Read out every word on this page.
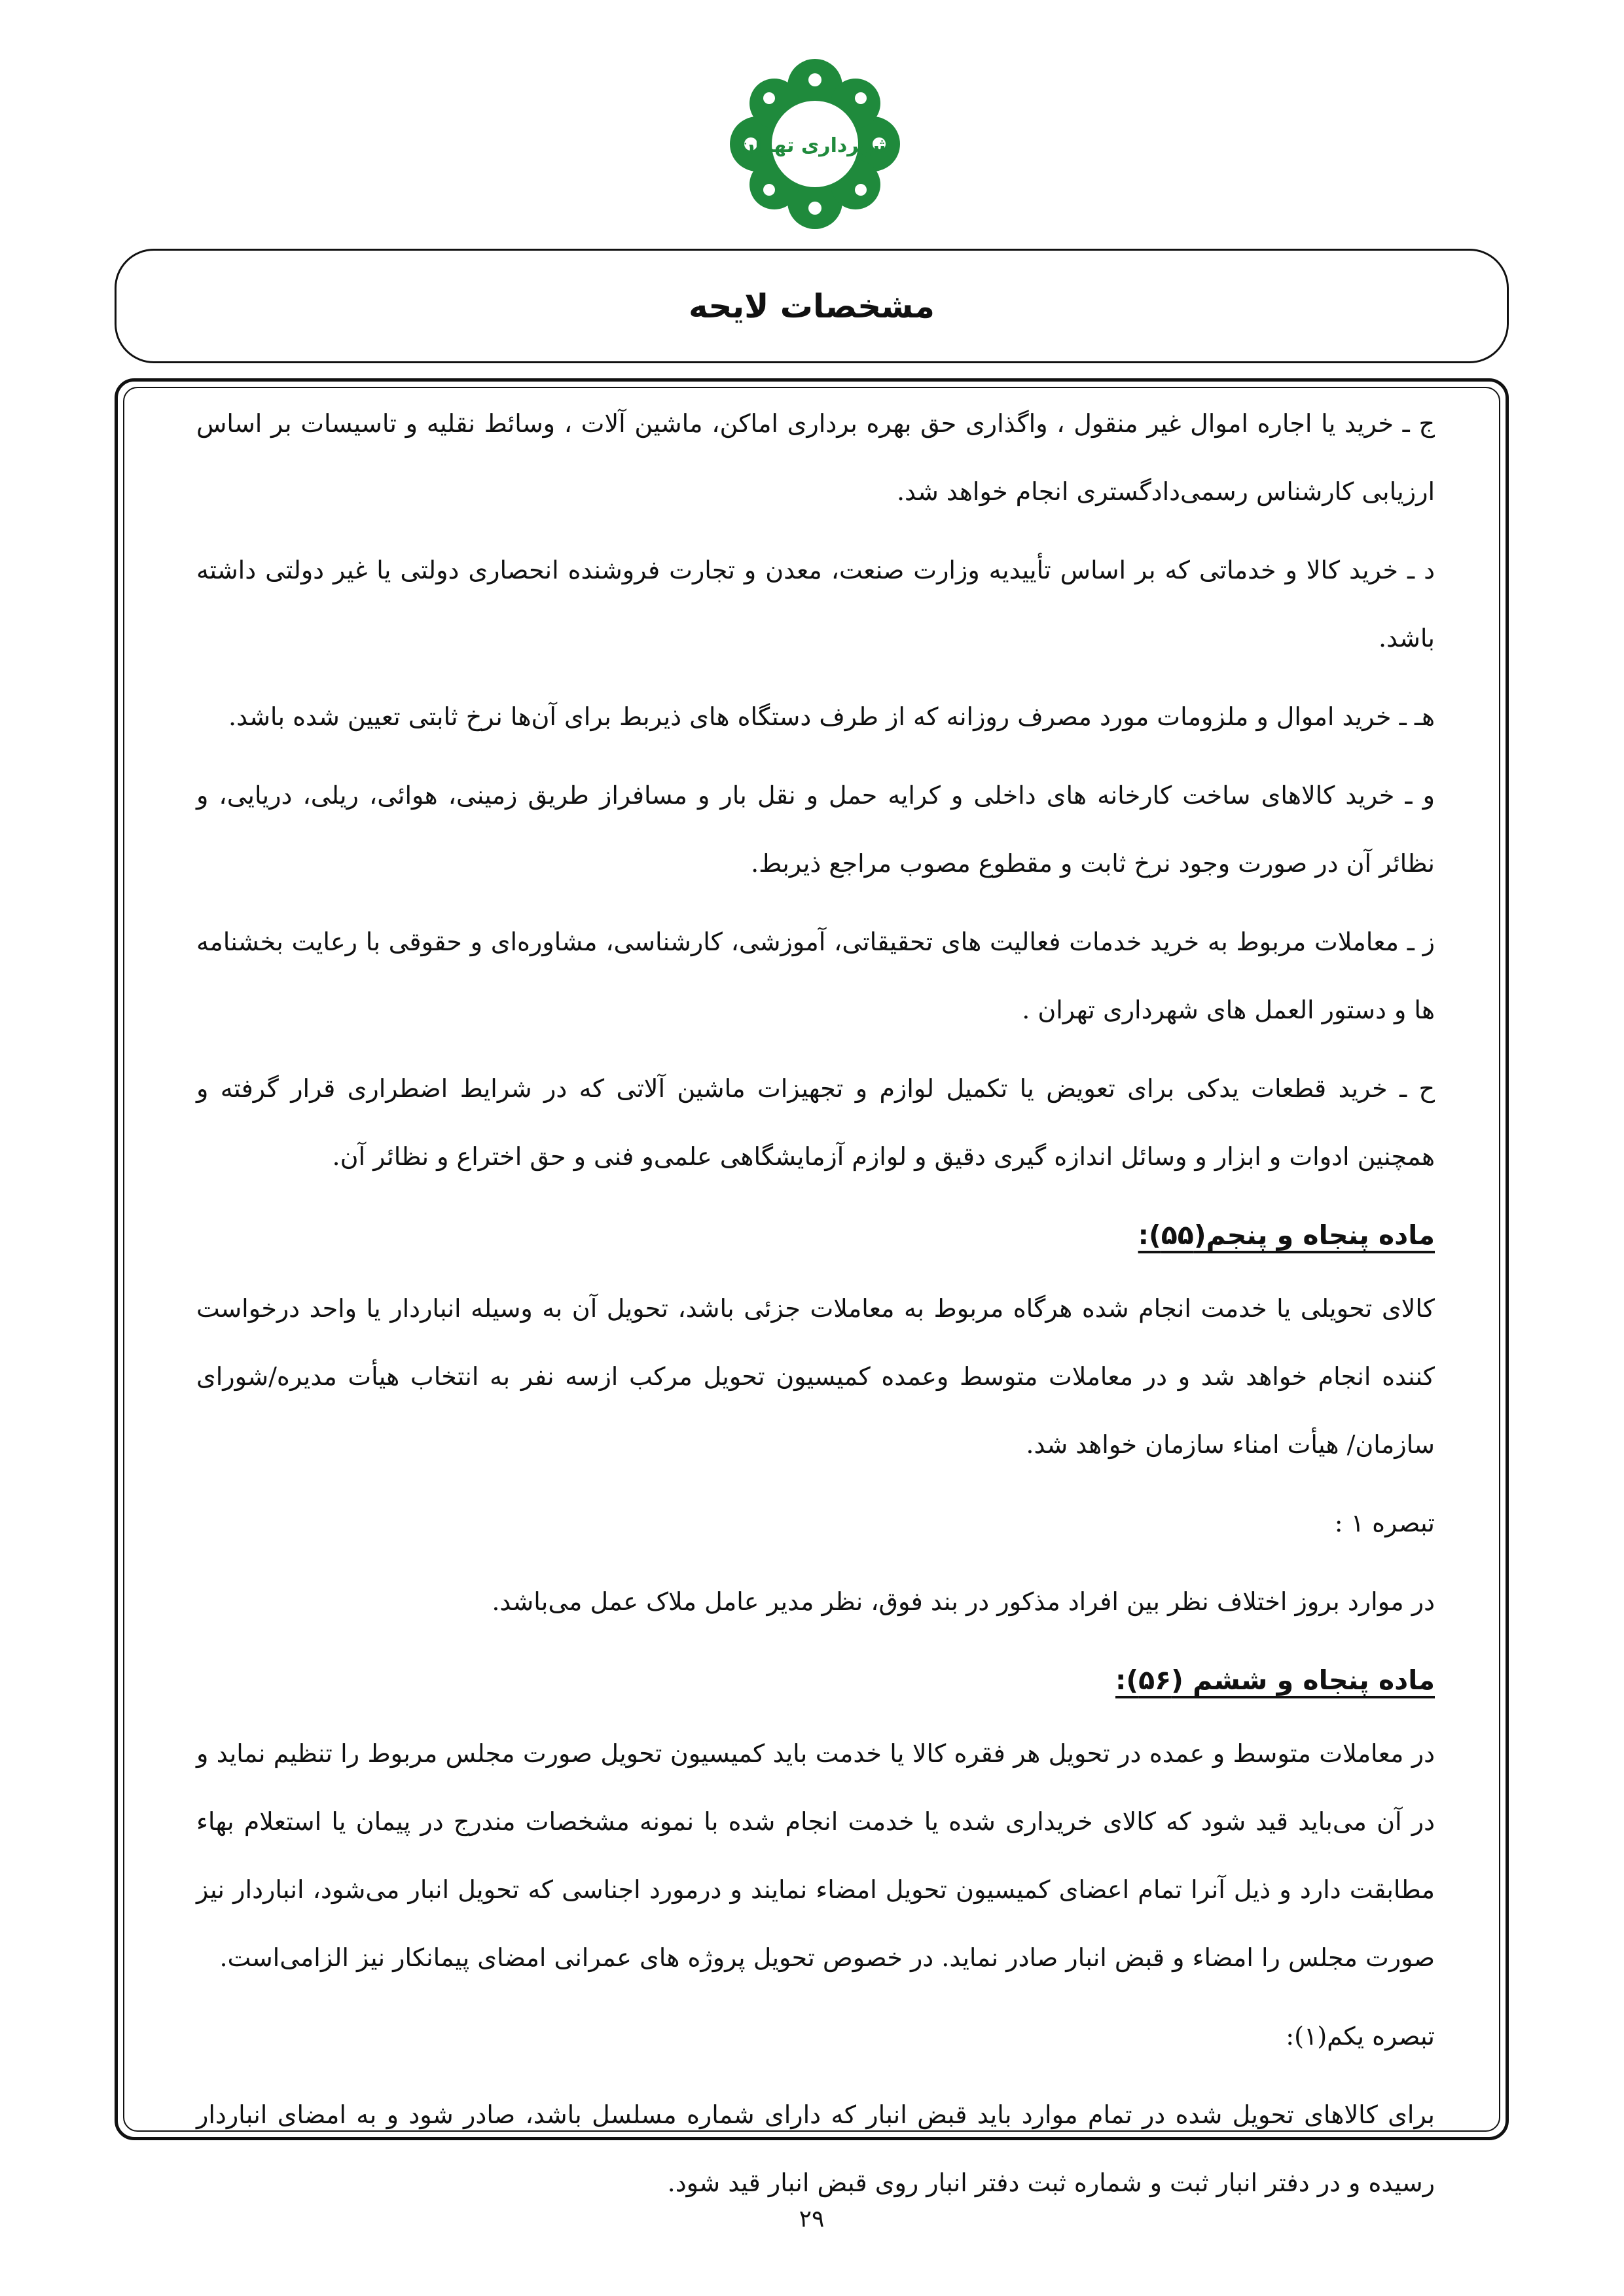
شهرداری تهران
مشخصات لایحه

ج ـ خرید یا اجاره اموال غیر منقول ، واگذاری حق بهره برداری اماکن، ماشین آلات ، وسائط نقلیه و تاسیسات بر اساس ارزیابی کارشناس رسمی‌دادگستری انجام خواهد شد.

د ـ خرید کالا و خدماتی که بر اساس تأییدیه وزارت صنعت، معدن و تجارت فروشنده انحصاری دولتی یا غیر دولتی داشته باشد.

هـ ـ خرید اموال و ملزومات مورد مصرف روزانه که از طرف دستگاه های ذیربط برای آن‌ها نرخ ثابتی تعیین شده باشد.

و ـ خرید کالاهای ساخت کارخانه های داخلی و کرایه حمل و نقل بار و مسافراز طریق زمینی، هوائی، ریلی، دریایی، و نظائر آن در صورت وجود نرخ ثابت و مقطوع مصوب مراجع ذیربط.

ز ـ معاملات مربوط به خرید خدمات فعالیت های تحقیقاتی، آموزشی، کارشناسی، مشاوره‌ای و حقوقی با رعایت بخشنامه ها و دستور العمل های شهرداری تهران .

ح ـ خرید قطعات یدکی برای تعویض یا تکمیل لوازم و تجهیزات ماشین آلاتی که در شرایط اضطراری قرار گرفته و همچنین ادوات و ابزار و وسائل اندازه گیری دقیق و لوازم آزمایشگاهی علمی‌و فنی و حق اختراع و نظائر آن.

ماده پنجاه و پنجم(۵۵):

کالای تحویلی یا خدمت انجام شده هرگاه مربوط به معاملات جزئی باشد، تحویل آن به وسیله انباردار یا واحد درخواست کننده انجام خواهد شد و در معاملات متوسط وعمده کمیسیون تحویل مرکب ازسه نفر به انتخاب هیأت مدیره/شورای سازمان/ هیأت امناء سازمان خواهد شد.

تبصره ۱ :

در موارد بروز اختلاف نظر بین افراد مذکور در بند فوق، نظر مدیر عامل ملاک عمل می‌باشد.

ماده پنجاه و ششم (۵۶):

در معاملات متوسط و عمده در تحویل هر فقره کالا یا خدمت باید کمیسیون تحویل صورت مجلس مربوط را تنظیم نماید و در آن می‌باید قید شود که کالای خریداری شده یا خدمت انجام شده با نمونه مشخصات مندرج در پیمان یا استعلام بهاء مطابقت دارد و ذیل آنرا تمام اعضای کمیسیون تحویل امضاء نمایند و درمورد اجناسی که تحویل انبار می‌شود، انباردار نیز صورت مجلس را امضاء و قبض انبار صادر نماید. در خصوص تحویل پروژه های عمرانی امضای پیمانکار نیز الزامی‌است.

تبصره یکم(۱):

برای کالاهای تحویل شده در تمام موارد باید قبض انبار که دارای شماره مسلسل باشد، صادر شود و به امضای انباردار رسیده و در دفتر انبار ثبت و شماره ثبت دفتر انبار روی قبض انبار قید شود.

۲۹
